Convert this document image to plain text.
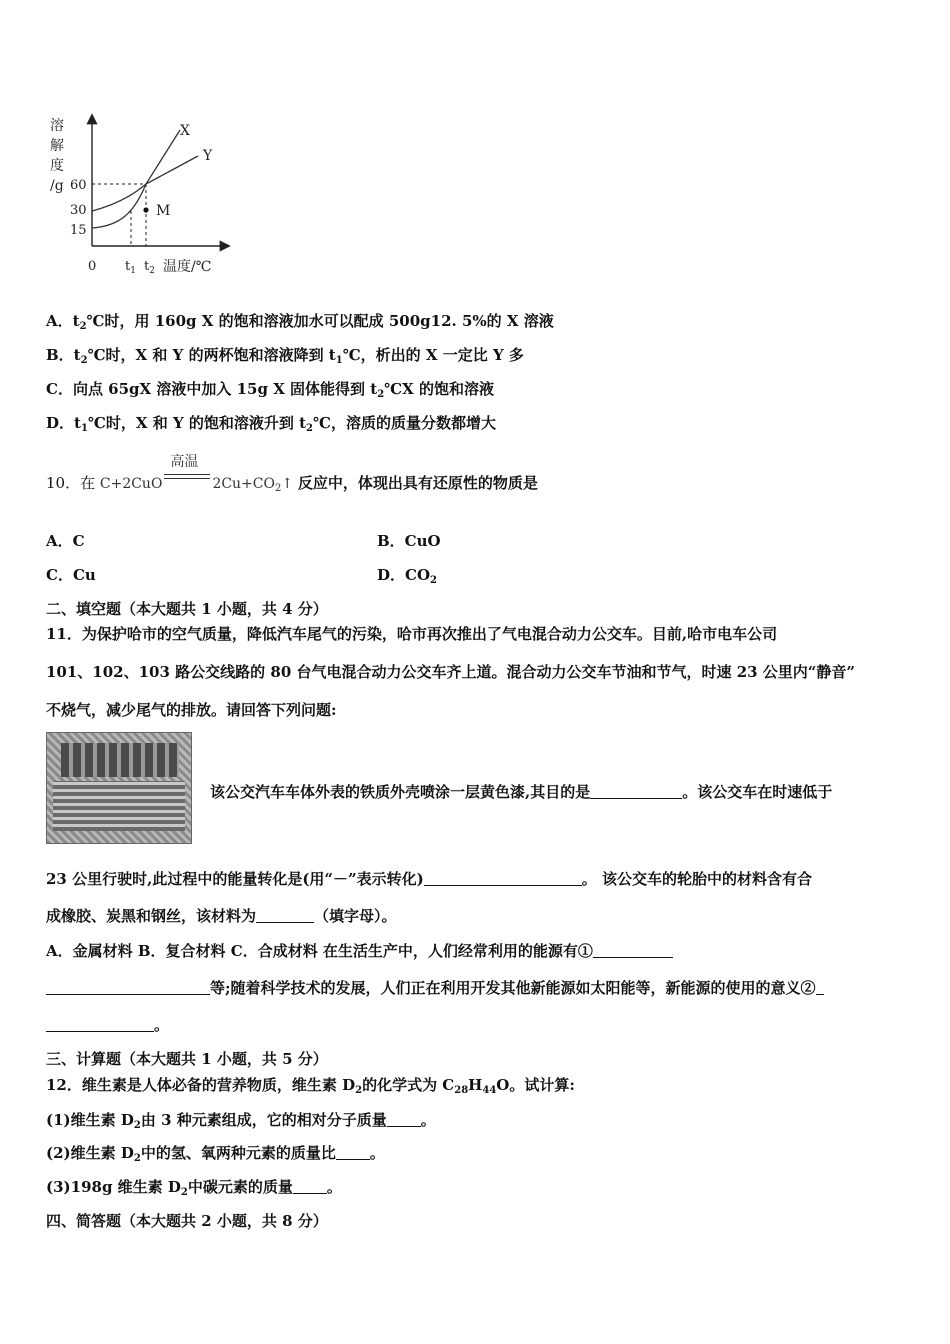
溶
解
度
/g 60
30
15
0 $t_1$ $t_2$ 温度/℃
X
Y
M
A．$t_2℃$时，用 160g X 的饱和溶液加水可以配成 500g12. 5%的 X 溶液
B．$t_2℃$时，X 和 Y 的两杯饱和溶液降到 $t_1℃$，析出的 X 一定比 Y 多
C．向点 65gX 溶液中加入 15g X 固体能得到 $t_2℃X$ 的饱和溶液
D．$t_1℃$时，X 和 Y 的饱和溶液升到 $t_2℃$，溶质的质量分数都增大
10．在 C+2CuO
高温
$2Cu+CO_2↑$ 反应中，体现出具有还原性的物质是
A．C	B．CuO
C．Cu	D．$CO_2$
二、填空题（本大题共 1 小题，共 4 分）
11．为保护哈市的空气质量，降低汽车尾气的污染，哈市再次推出了气电混合动力公交车。目前,哈市电车公司
101、102、103 路公交线路的 80 台气电混合动力公交车齐上道。混合动力公交车节油和节气，时速 23 公里内“静音”
不烧气，减少尾气的排放。请回答下列问题:
该公交汽车车体外表的铁质外壳喷涂一层黄色漆,其目的是	。该公交车在时速低于
23 公里行驶时,此过程中的能量转化是(用“－”表示转化)	。 该公交车的轮胎中的材料含有合
成橡胶、炭黑和钢丝，该材料为	（填字母）。
A．金属材料 B．复合材料 C．合成材料 在生活生产中，人们经常利用的能源有①
等;随着科学技术的发展，人们正在利用开发其他新能源如太阳能等，新能源的使用的意义②
。
三、计算题（本大题共 1 小题，共 5 分）
12．维生素是人体必备的营养物质，维生素 $D_2$的化学式为 $C_{28}H_{44}O$。试计算:
(1)维生素 $D_2$由 3 种元素组成，它的相对分子质量 。
(2)维生素 $D_2$中的氢、氧两种元素的质量比 。
(3)198g 维生素 $D_2$中碳元素的质量 。
四、简答题（本大题共 2 小题，共 8 分）
